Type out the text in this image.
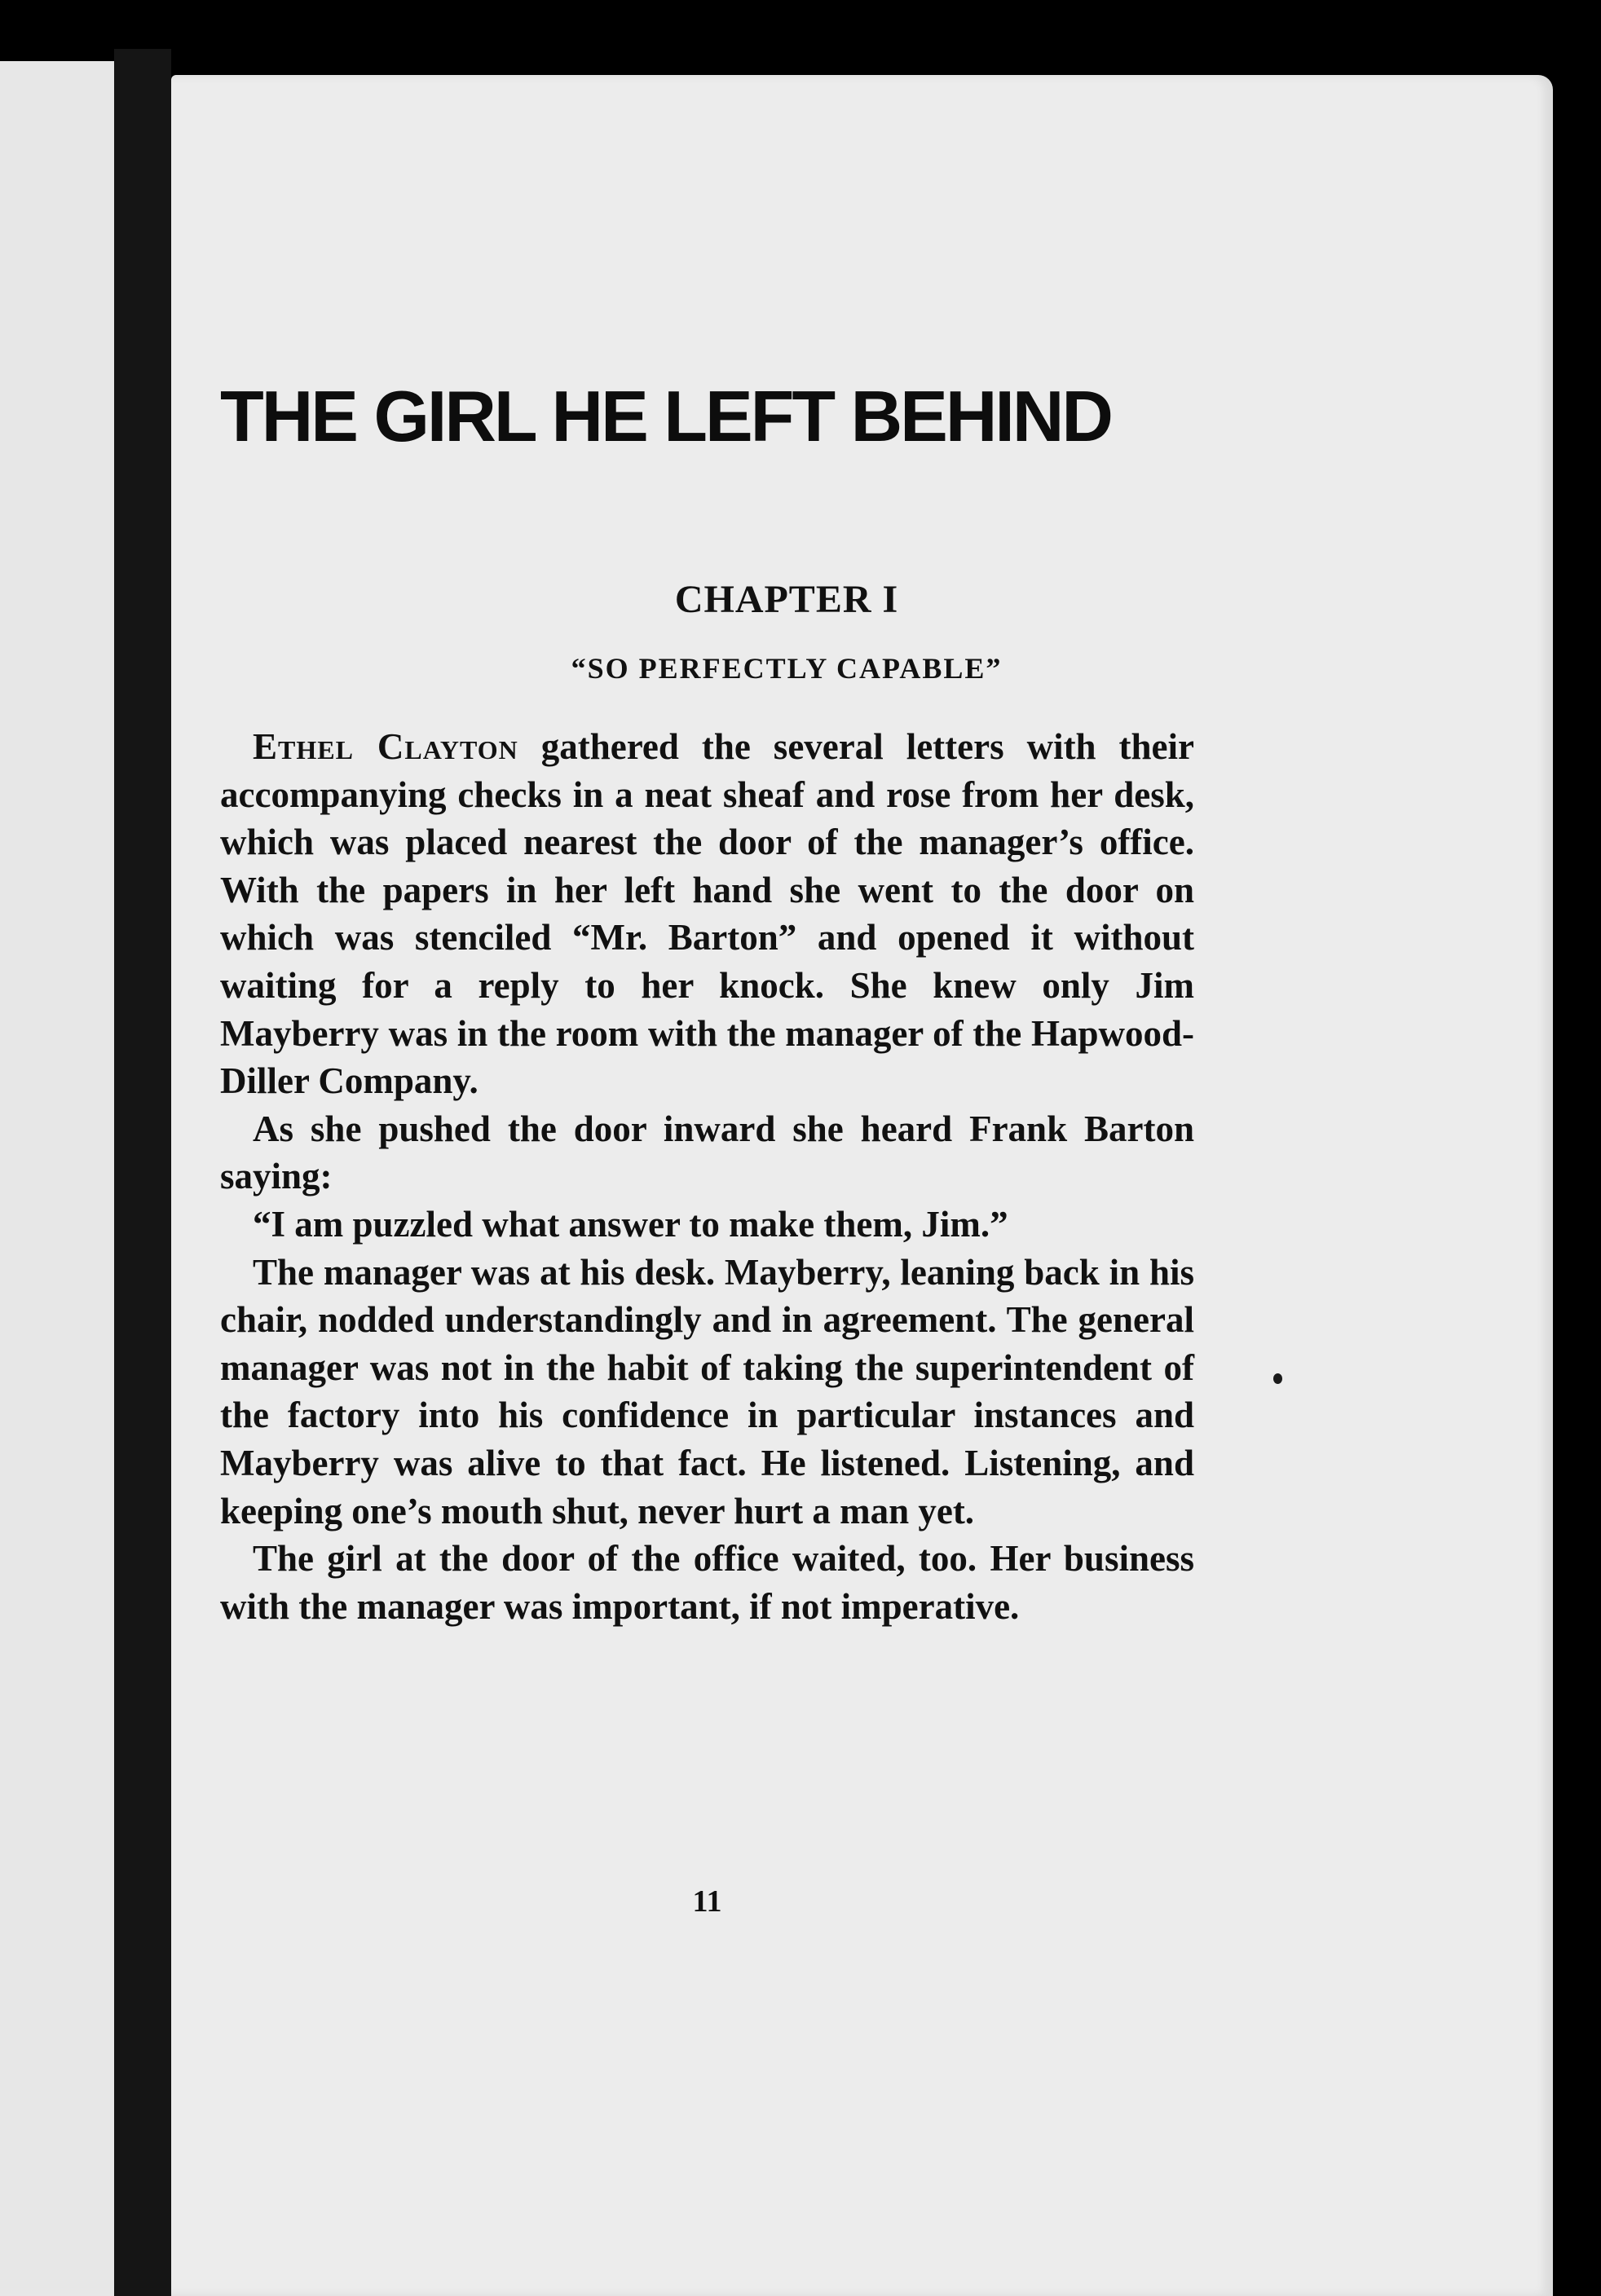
THE GIRL HE LEFT BEHIND
CHAPTER I
“SO PERFECTLY CAPABLE”

Ethel Clayton gathered the several letters with their accompanying checks in a neat sheaf and rose from her desk, which was placed nearest the door of the manager’s office. With the papers in her left hand she went to the door on which was stenciled “Mr. Barton” and opened it without waiting for a reply to her knock. She knew only Jim Mayberry was in the room with the manager of the Hapwood-Diller Company.

As she pushed the door inward she heard Frank Barton saying:

“I am puzzled what answer to make them, Jim.”

The manager was at his desk. Mayberry, leaning back in his chair, nodded understandingly and in agreement. The general manager was not in the habit of taking the superintendent of the factory into his confidence in particular instances and Mayberry was alive to that fact. He listened. Listening, and keeping one’s mouth shut, never hurt a man yet.

The girl at the door of the office waited, too. Her business with the manager was important, if not imperative.

11
